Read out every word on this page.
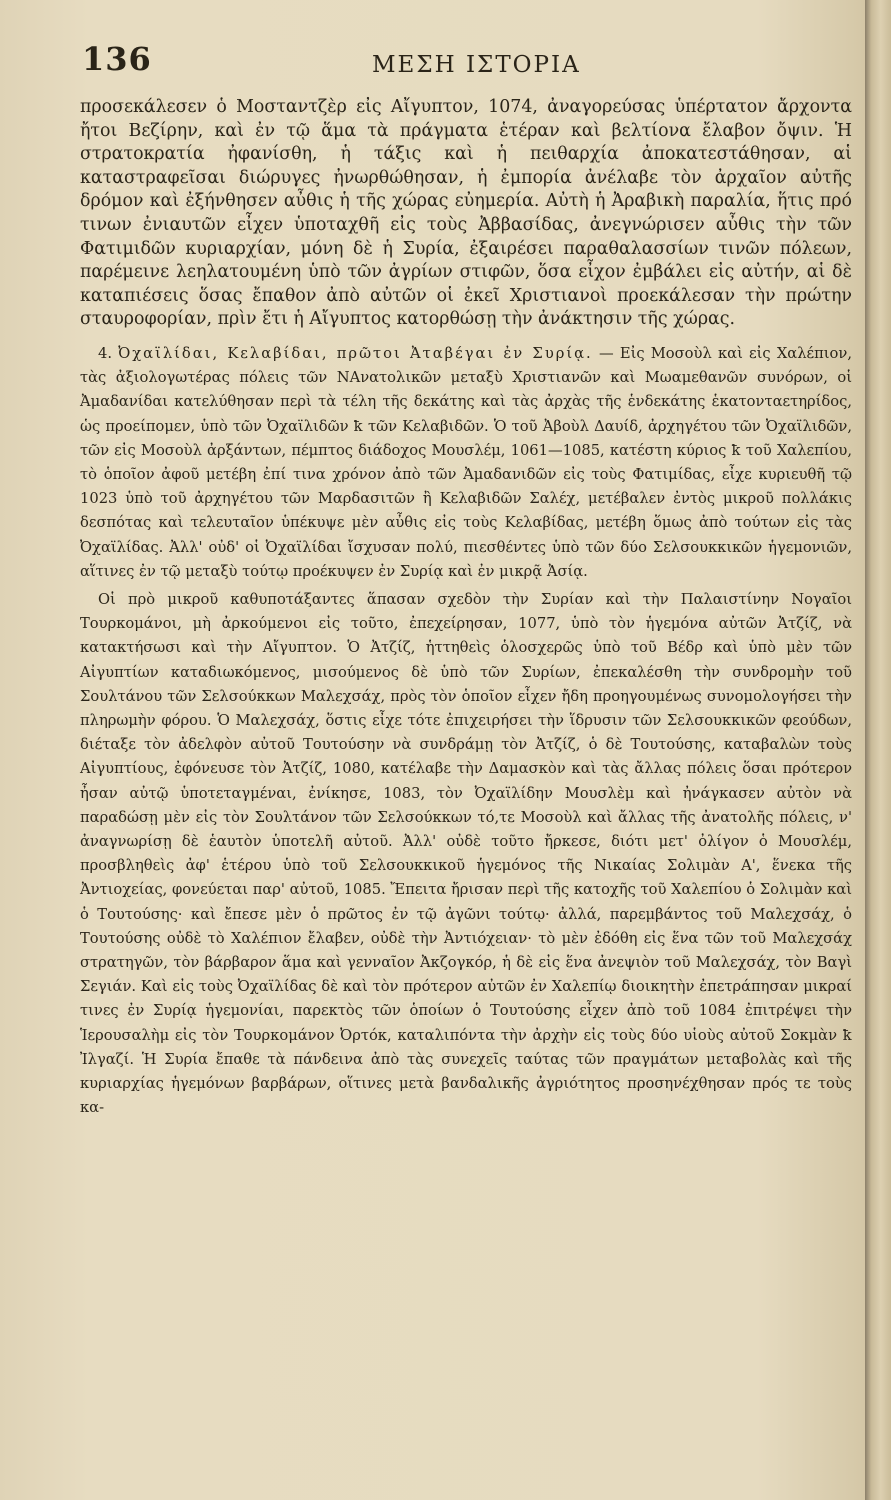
136	ΜΕΣΗ ΙΣΤΟΡΙΑ

προσεκάλεσεν ὁ Μοσταντζὲρ εἰς Αἴγυπτον, 1074, ἀναγορεύσας ὑπέρτατον ἄρχοντα ἤτοι Βεζίρην, καὶ ἐν τῷ ἅμα τὰ πράγματα ἑτέραν καὶ βελτίονα ἔλαβον ὄψιν. Ἡ στρατοκρατία ἠφανίσθη, ἡ τάξις καὶ ἡ πειθαρχία ἀποκατεστάθησαν, αἱ καταστραφεῖσαι διώρυγες ἠνωρθώθησαν, ἡ ἐμπορία ἀνέλαβε τὸν ἀρχαῖον αὐτῆς δρόμον καὶ ἐξήνθησεν αὖθις ἡ τῆς χώρας εὐημερία. Αὐτὴ ἡ Ἀραβικὴ παραλία, ἥτις πρό τινων ἐνιαυτῶν εἶχεν ὑποταχθῆ εἰς τοὺς Ἀββασίδας, ἀνεγνώρισεν αὖθις τὴν τῶν Φατιμιδῶν κυριαρχίαν, μόνη δὲ ἡ Συρία, ἐξαιρέσει παραθαλασσίων τινῶν πόλεων, παρέμεινε λεηλατουμένη ὑπὸ τῶν ἀγρίων στιφῶν, ὅσα εἶχον ἐμβάλει εἰς αὐτήν, αἱ δὲ καταπιέσεις ὅσας ἔπαθον ἀπὸ αὐτῶν οἱ ἐκεῖ Χριστιανοὶ προεκάλεσαν τὴν πρώτην σταυροφορίαν, πρὶν ἔτι ἡ Αἴγυπτος κατορθώσῃ τὴν ἀνάκτησιν τῆς χώρας.

4. Ὀχαϊλίδαι, Κελαβίδαι, πρῶτοι Ἀταβέγαι ἐν Συρίᾳ. — Εἰς Μοσοὺλ καὶ εἰς Χαλέπιον, τὰς ἀξιολογωτέρας πόλεις τῶν ΝΑνατολικῶν μεταξὺ Χριστιανῶν καὶ Μωαμεθανῶν συνόρων, οἱ Ἀμαδανίδαι κατελύθησαν περὶ τὰ τέλη τῆς δεκάτης καὶ τὰς ἀρχὰς τῆς ἑνδεκάτης ἑκατονταετηρίδος, ὡς προείπομεν, ὑπὸ τῶν Ὀχαϊλιδῶν ꝁ τῶν Κελαβιδῶν. Ὁ τοῦ Ἀβοὺλ Δαυίδ, ἀρχηγέτου τῶν Ὀχαϊλιδῶν, τῶν εἰς Μοσοὺλ ἀρξάντων, πέμπτος διάδοχος Μουσλέμ, 1061—1085, κατέστη κύριος ꝁ τοῦ Χαλεπίου, τὸ ὁποῖον ἀφοῦ μετέβη ἐπί τινα χρόνον ἀπὸ τῶν Ἀμαδανιδῶν εἰς τοὺς Φατιμίδας, εἶχε κυριευθῆ τῷ 1023 ὑπὸ τοῦ ἀρχηγέτου τῶν Μαρδασιτῶν ἢ Κελαβιδῶν Σαλέχ, μετέβαλεν ἐντὸς μικροῦ πολλάκις δεσπότας καὶ τελευταῖον ὑπέκυψε μὲν αὖθις εἰς τοὺς Κελαβίδας, μετέβη ὅμως ἀπὸ τούτων εἰς τὰς Ὀχαϊλίδας. Ἀλλ' οὐδ' οἱ Ὀχαϊλίδαι ἴσχυσαν πολύ, πιεσθέντες ὑπὸ τῶν δύο Σελσουκκικῶν ἡγεμονιῶν, αἵτινες ἐν τῷ μεταξὺ τούτῳ προέκυψεν ἐν Συρίᾳ καὶ ἐν μικρᾷ Ἀσίᾳ.

Οἱ πρὸ μικροῦ καθυποτάξαντες ἅπασαν σχεδὸν τὴν Συρίαν καὶ τὴν Παλαιστίνην Νογαῖοι Τουρκομάνοι, μὴ ἀρκούμενοι εἰς τοῦτο, ἐπεχείρησαν, 1077, ὑπὸ τὸν ἡγεμόνα αὐτῶν Ἀτζίζ, νὰ κατακτήσωσι καὶ τὴν Αἴγυπτον. Ὁ Ἀτζίζ, ἡττηθεὶς ὁλοσχερῶς ὑπὸ τοῦ Βέδρ καὶ ὑπὸ μὲν τῶν Αἰγυπτίων καταδιωκόμενος, μισούμενος δὲ ὑπὸ τῶν Συρίων, ἐπεκαλέσθη τὴν συνδρομὴν τοῦ Σουλτάνου τῶν Σελσούκκων Μαλεχσάχ, πρὸς τὸν ὁποῖον εἶχεν ἤδη προηγουμένως συνομολογήσει τὴν πληρωμὴν φόρου. Ὁ Μαλεχσάχ, ὅστις εἶχε τότε ἐπιχειρήσει τὴν ἵδρυσιν τῶν Σελσουκκικῶν φεούδων, διέταξε τὸν ἀδελφὸν αὐτοῦ Τουτούσην νὰ συνδράμῃ τὸν Ἀτζίζ, ὁ δὲ Τουτούσης, καταβαλὼν τοὺς Αἰγυπτίους, ἐφόνευσε τὸν Ἀτζίζ, 1080, κατέλαβε τὴν Δαμασκὸν καὶ τὰς ἄλλας πόλεις ὅσαι πρότερον ἦσαν αὐτῷ ὑποτεταγμέναι, ἐνίκησε, 1083, τὸν Ὀχαϊλίδην Μουσλὲμ καὶ ἠνάγκασεν αὐτὸν νὰ παραδώσῃ μὲν εἰς τὸν Σουλτάνον τῶν Σελσούκκων τό,τε Μοσοὺλ καὶ ἄλλας τῆς ἀνατολῆς πόλεις, ν' ἀναγνωρίσῃ δὲ ἑαυτὸν ὑποτελῆ αὐτοῦ. Ἀλλ' οὐδὲ τοῦτο ἤρκεσε, διότι μετ' ὀλίγον ὁ Μουσλέμ, προσβληθεὶς ἀφ' ἑτέρου ὑπὸ τοῦ Σελσουκκικοῦ ἡγεμόνος τῆς Νικαίας Σολιμὰν Α', ἕνεκα τῆς Ἀντιοχείας, φονεύεται παρ' αὐτοῦ, 1085. Ἔπειτα ἤρισαν περὶ τῆς κατοχῆς τοῦ Χαλεπίου ὁ Σολιμὰν καὶ ὁ Τουτούσης· καὶ ἔπεσε μὲν ὁ πρῶτος ἐν τῷ ἀγῶνι τούτῳ· ἀλλά, παρεμβάντος τοῦ Μαλεχσάχ, ὁ Τουτούσης οὐδὲ τὸ Χαλέπιον ἔλαβεν, οὐδὲ τὴν Ἀντιόχειαν· τὸ μὲν ἐδόθη εἰς ἕνα τῶν τοῦ Μαλεχσάχ στρατηγῶν, τὸν βάρβαρον ἅμα καὶ γενναῖον Ἀκζογκόρ, ἡ δὲ εἰς ἕνα ἀνεψιὸν τοῦ Μαλεχσάχ, τὸν Βαγὶ Σεγιάν. Καὶ εἰς τοὺς Ὀχαϊλίδας δὲ καὶ τὸν πρότερον αὐτῶν ἐν Χαλεπίῳ διοικητὴν ἐπετράπησαν μικραί τινες ἐν Συρίᾳ ἡγεμονίαι, παρεκτὸς τῶν ὁποίων ὁ Τουτούσης εἶχεν ἀπὸ τοῦ 1084 ἐπιτρέψει τὴν Ἱερουσαλὴμ εἰς τὸν Τουρκομάνον Ὀρτόκ, καταλιπόντα τὴν ἀρχὴν εἰς τοὺς δύο υἱοὺς αὐτοῦ Σοκμὰν ꝁ Ἰλγαζί. Ἡ Συρία ἔπαθε τὰ πάνδεινα ἀπὸ τὰς συνεχεῖς ταύτας τῶν πραγμάτων μεταβολὰς καὶ τῆς κυριαρχίας ἡγεμόνων βαρβάρων, οἵτινες μετὰ βανδαλικῆς ἀγριότητος προσηνέχθησαν πρός τε τοὺς κα-
